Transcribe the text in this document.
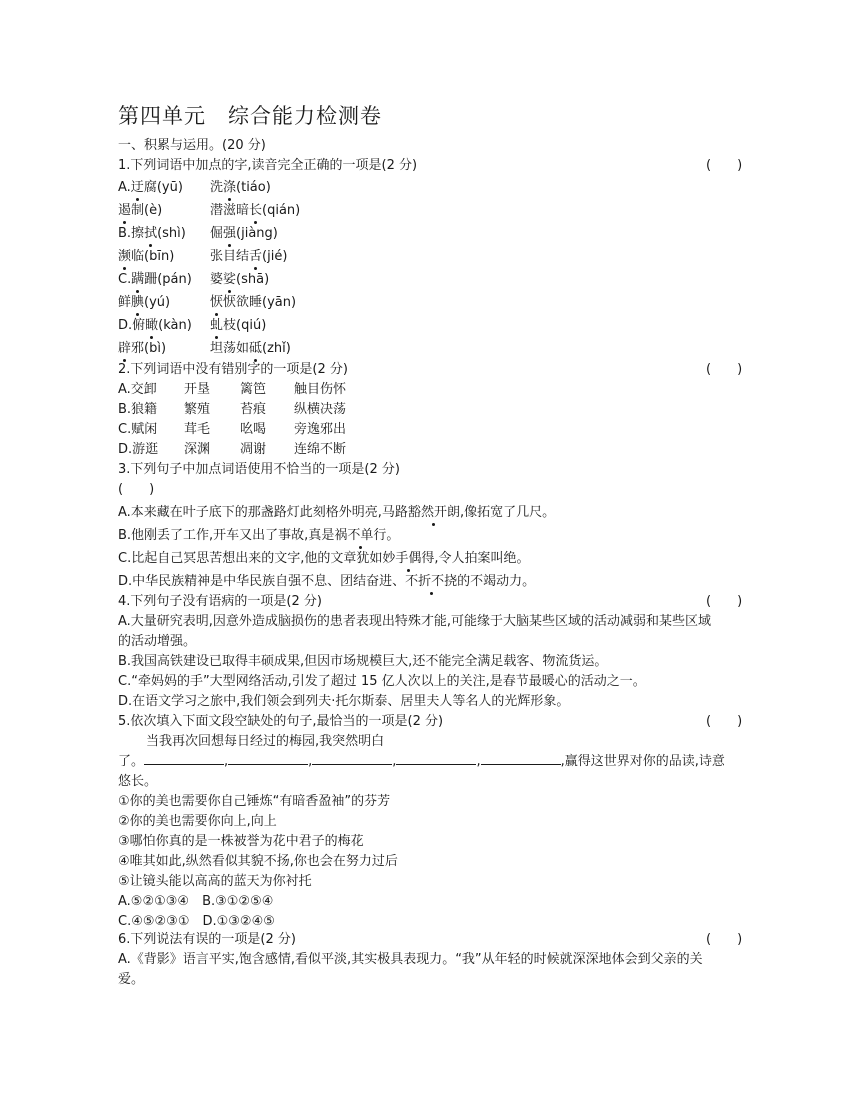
第四单元　综合能力检测卷
一、积累与运用。(20 分)
1.下列词语中加点的字,读音完全正确的一项是(2 分)	(　　)
A.迂腐(yū) 洗涤(tiáo)
遏制(è)	潜滋暗长(qián)
B.擦拭(shì) 倔强(jiàng)
濒临(bīn)	张目结舌(jié)
C.蹒跚(pán) 婆娑(shā)
鲜腆(yú)	恹恹欲睡(yān)
D.俯瞰(kàn) 虬枝(qiú)
辟邪(bì)	坦荡如砥(zhǐ)
2.下列词语中没有错别字的一项是(2 分)	(　　)
A.交卸 开垦 篱笆 触目伤怀
B.狼籍 繁殖 苔痕 纵横决荡
C.赋闲 茸毛 吆喝 旁逸邪出
D.游逛 深渊 凋谢 连绵不断
3.下列句子中加点词语使用不恰当的一项是(2 分)
(　　)
A.本来藏在叶子底下的那盏路灯此刻格外明亮,马路豁然开朗,像拓宽了几尺。
B.他刚丢了工作,开车又出了事故,真是祸不单行。
C.比起自己冥思苦想出来的文字,他的文章犹如妙手偶得,令人拍案叫绝。
D.中华民族精神是中华民族自强不息、团结奋进、不折不挠的不竭动力。
4.下列句子没有语病的一项是(2 分)	(　　)
A.大量研究表明,因意外造成脑损伤的患者表现出特殊才能,可能缘于大脑某些区域的活动减弱和某些区域
的活动增强。
B.我国高铁建设已取得丰硕成果,但因市场规模巨大,还不能完全满足载客、物流货运。
C.“牵妈妈的手”大型网络活动,引发了超过 15 亿人次以上的关注,是春节最暖心的活动之一。
D.在语文学习之旅中,我们领会到列夫·托尔斯泰、居里夫人等名人的光辉形象。
5.依次填入下面文段空缺处的句子,最恰当的一项是(2 分)	(　　)
当我再次回想每日经过的梅园,我突然明白
了。	,	,	,	,	,赢得这世界对你的品读,诗意
悠长。
①你的美也需要你自己锤炼“有暗香盈袖”的芬芳
②你的美也需要你向上,向上
③哪怕你真的是一株被誉为花中君子的梅花
④唯其如此,纵然看似其貌不扬,你也会在努力过后
⑤让镜头能以高高的蓝天为你衬托
A.⑤②①③④　B.③①②⑤④
C.④⑤②③①　D.①③②④⑤
6.下列说法有误的一项是(2 分)	(　　)
A.《背影》语言平实,饱含感情,看似平淡,其实极具表现力。“我”从年轻的时候就深深地体会到父亲的关
爱。
